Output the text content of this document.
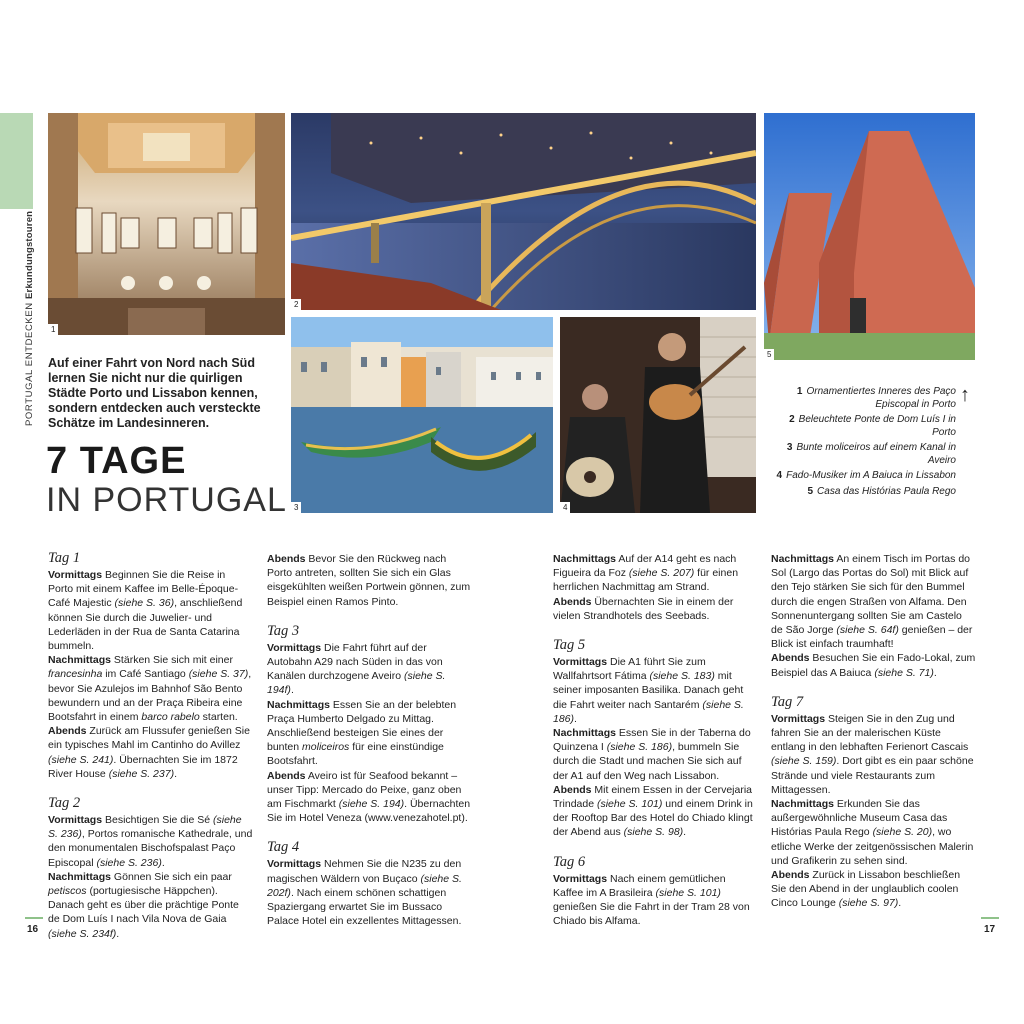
PORTUGAL ENTDECKEN Erkundungstouren
1
2
5
3	4
Auf einer Fahrt von Nord nach Süd lernen Sie nicht nur die quirligen Städte Porto und Lissabon kennen, sondern entdecken auch versteckte Schätze im Landesinneren.
7 TAGE
IN PORTUGAL
↑
1 Ornamentiertes Inneres des Paço Episcopal in Porto
2 Beleuchtete Ponte de Dom Luís I in Porto
3 Bunte moliceiros auf einem Kanal in Aveiro
4 Fado-Musiker im A Baiuca in Lissabon
5 Casa das Histórias Paula Rego
Tag 1

Vormittags Beginnen Sie die Reise in Porto mit einem Kaffee im Belle-Époque-Café Majestic (siehe S. 36), anschließend können Sie durch die Juwelier- und Lederläden in der Rua de Santa Catarina bummeln.

Nachmittags Stärken Sie sich mit einer francesinha im Café Santiago (siehe S. 37), bevor Sie Azulejos im Bahnhof São Bento bewundern und an der Praça Ribeira eine Bootsfahrt in einem barco rabelo starten.

Abends Zurück am Flussufer genießen Sie ein typisches Mahl im Cantinho do Avillez (siehe S. 241). Übernachten Sie im 1872 River House (siehe S. 237).

Tag 2

Vormittags Besichtigen Sie die Sé (siehe S. 236), Portos romanische Kathedrale, und den monumentalen Bischofspalast Paço Episcopal (siehe S. 236).

Nachmittags Gönnen Sie sich ein paar petiscos (portugiesische Häppchen). Danach geht es über die prächtige Ponte de Dom Luís I nach Vila Nova de Gaia (siehe S. 234f).

Abends Bevor Sie den Rückweg nach Porto antreten, sollten Sie sich ein Glas eisgekühlten weißen Portwein gönnen, zum Beispiel einen Ramos Pinto.

Tag 3

Vormittags Die Fahrt führt auf der Autobahn A29 nach Süden in das von Kanälen durchzogene Aveiro (siehe S. 194f).

Nachmittags Essen Sie an der belebten Praça Humberto Delgado zu Mittag. Anschließend besteigen Sie eines der bunten moliceiros für eine einstündige Bootsfahrt.

Abends Aveiro ist für Seafood bekannt – unser Tipp: Mercado do Peixe, ganz oben am Fischmarkt (siehe S. 194). Übernachten Sie im Hotel Veneza (www.venezahotel.pt).

Tag 4

Vormittags Nehmen Sie die N235 zu den magischen Wäldern von Buçaco (siehe S. 202f). Nach einem schönen schattigen Spaziergang erwartet Sie im Bussaco Palace Hotel ein exzellentes Mittagessen.

Nachmittags Auf der A14 geht es nach Figueira da Foz (siehe S. 207) für einen herrlichen Nachmittag am Strand.

Abends Übernachten Sie in einem der vielen Strandhotels des Seebads.

Tag 5

Vormittags Die A1 führt Sie zum Wallfahrtsort Fátima (siehe S. 183) mit seiner imposanten Basilika. Danach geht die Fahrt weiter nach Santarém (siehe S. 186).

Nachmittags Essen Sie in der Taberna do Quinzena I (siehe S. 186), bummeln Sie durch die Stadt und machen Sie sich auf der A1 auf den Weg nach Lissabon.

Abends Mit einem Essen in der Cervejaria Trindade (siehe S. 101) und einem Drink in der Rooftop Bar des Hotel do Chiado klingt der Abend aus (siehe S. 98).

Tag 6

Vormittags Nach einem gemütlichen Kaffee im A Brasileira (siehe S. 101) genießen Sie die Fahrt in der Tram 28 von Chiado bis Alfama.

Nachmittags An einem Tisch im Portas do Sol (Largo das Portas do Sol) mit Blick auf den Tejo stärken Sie sich für den Bummel durch die engen Straßen von Alfama. Den Sonnenuntergang sollten Sie am Castelo de São Jorge (siehe S. 64f) genießen – der Blick ist einfach traumhaft!

Abends Besuchen Sie ein Fado-Lokal, zum Beispiel das A Baiuca (siehe S. 71).

Tag 7

Vormittags Steigen Sie in den Zug und fahren Sie an der malerischen Küste entlang in den lebhaften Ferienort Cascais (siehe S. 159). Dort gibt es ein paar schöne Strände und viele Restaurants zum Mittagessen.

Nachmittags Erkunden Sie das außergewöhnliche Museum Casa das Histórias Paula Rego (siehe S. 20), wo etliche Werke der zeitgenössischen Malerin und Grafikerin zu sehen sind.

Abends Zurück in Lissabon beschließen Sie den Abend in der unglaublich coolen Cinco Lounge (siehe S. 97).

16	17
